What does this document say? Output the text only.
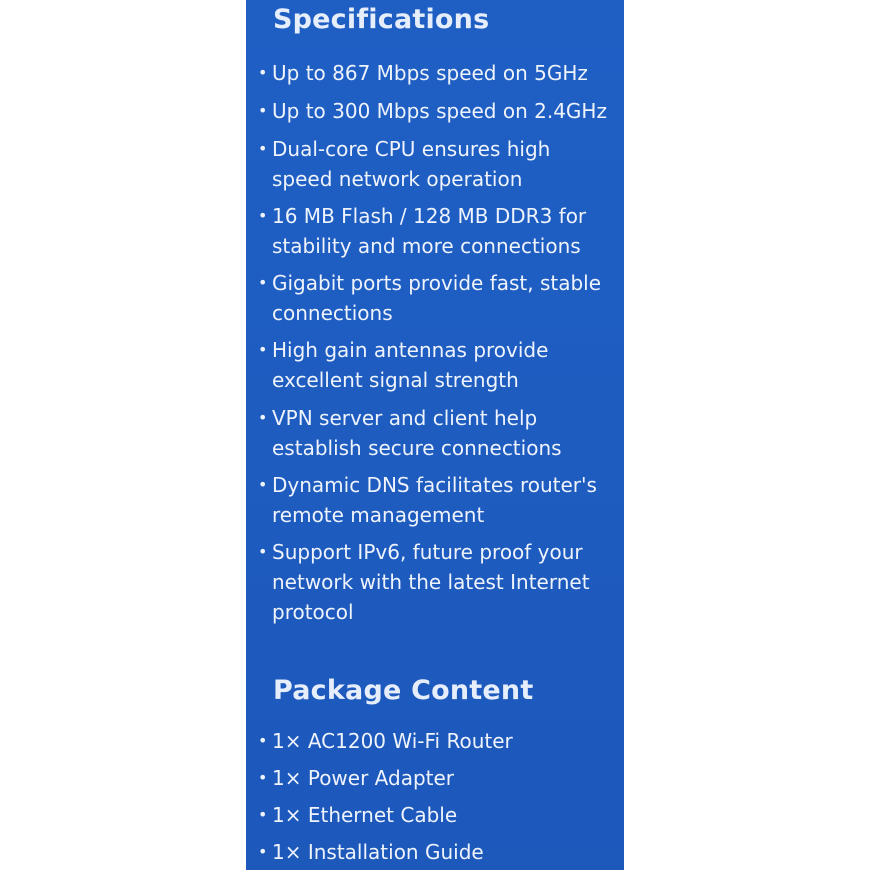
Specifications
• Up to 867 Mbps speed on 5GHz
• Up to 300 Mbps speed on 2.4GHz
• Dual-core CPU ensures high speed network operation
• 16 MB Flash / 128 MB DDR3 for stability and more connections
• Gigabit ports provide fast, stable connections
• High gain antennas provide excellent signal strength
• VPN server and client help establish secure connections
• Dynamic DNS facilitates router's remote management
• Support IPv6, future proof your network with the latest Internet protocol
Package Content
• 1× AC1200 Wi-Fi Router
• 1× Power Adapter
• 1× Ethernet Cable
• 1× Installation Guide
